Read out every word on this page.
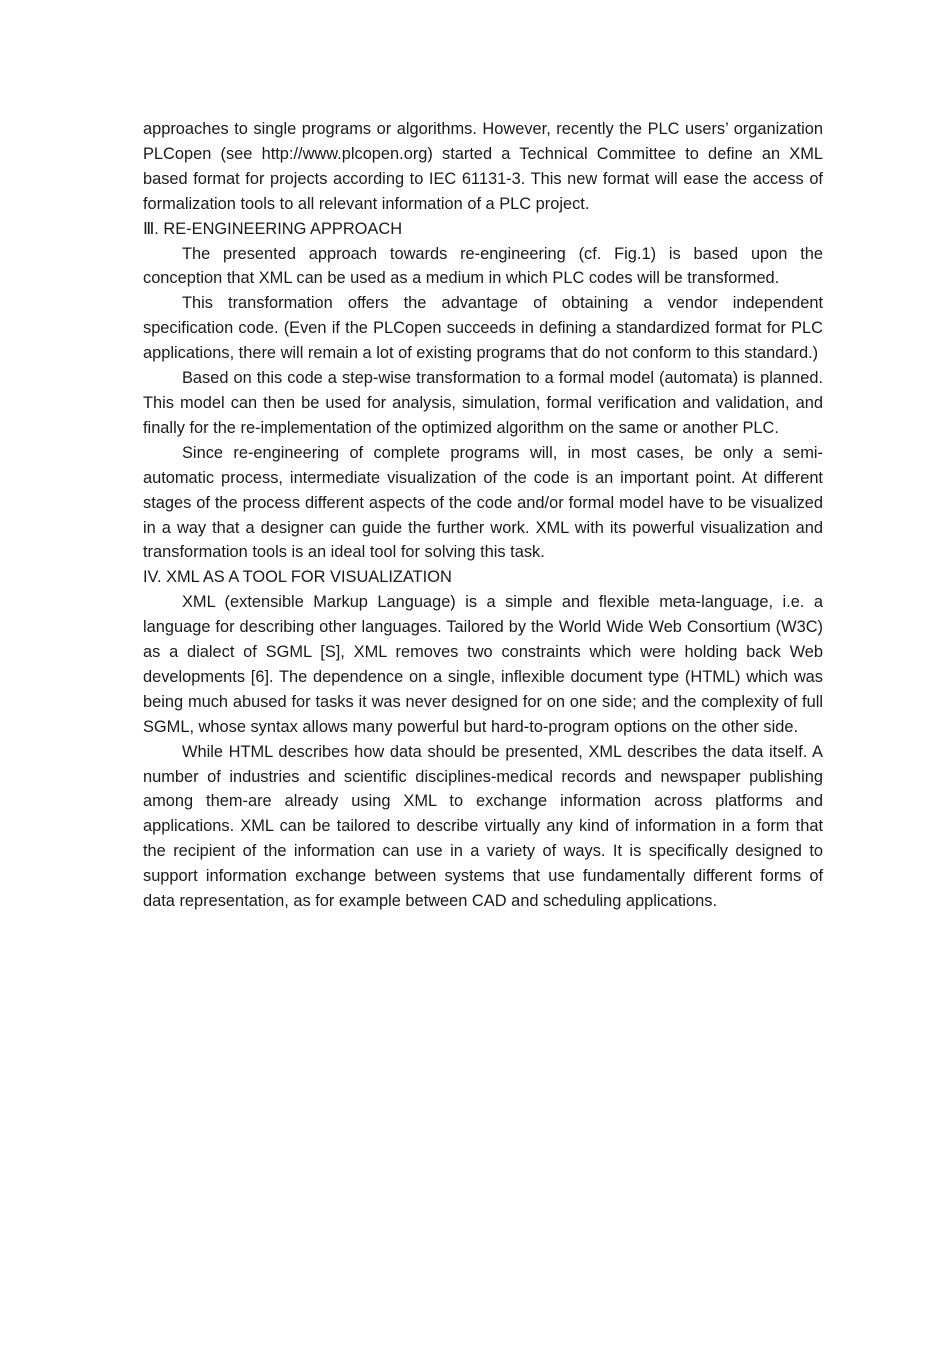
approaches to single programs or algorithms. However, recently the PLC users’ organization PLCopen (see http://www.plcopen.org) started a Technical Committee to define an XML based format for projects according to IEC 61131-3. This new format will ease the access of formalization tools to all relevant information of a PLC project.

Ⅲ. RE-ENGINEERING APPROACH

The presented approach towards re-engineering (cf. Fig.1) is based upon the conception that XML can be used as a medium in which PLC codes will be transformed.

This transformation offers the advantage of obtaining a vendor independent specification code. (Even if the PLCopen succeeds in defining a standardized format for PLC applications, there will remain a lot of existing programs that do not conform to this standard.)

Based on this code a step-wise transformation to a formal model (automata) is planned. This model can then be used for analysis, simulation, formal verification and validation, and finally for the re-implementation of the optimized algorithm on the same or another PLC.

Since re-engineering of complete programs will, in most cases, be only a semi-automatic process, intermediate visualization of the code is an important point. At different stages of the process different aspects of the code and/or formal model have to be visualized in a way that a designer can guide the further work. XML with its powerful visualization and transformation tools is an ideal tool for solving this task.

IV. XML AS A TOOL FOR VISUALIZATION

XML (extensible Markup Language) is a simple and flexible meta-language, i.e. a language for describing other languages. Tailored by the World Wide Web Consortium (W3C) as a dialect of SGML [S], XML removes two constraints which were holding back Web developments [6]. The dependence on a single, inflexible document type (HTML) which was being much abused for tasks it was never designed for on one side; and the complexity of full SGML, whose syntax allows many powerful but hard-to-program options on the other side.

While HTML describes how data should be presented, XML describes the data itself. A number of industries and scientific disciplines-medical records and newspaper publishing among them-are already using XML to exchange information across platforms and applications. XML can be tailored to describe virtually any kind of information in a form that the recipient of the information can use in a variety of ways. It is specifically designed to support information exchange between systems that use fundamentally different forms of data representation, as for example between CAD and scheduling applications.
